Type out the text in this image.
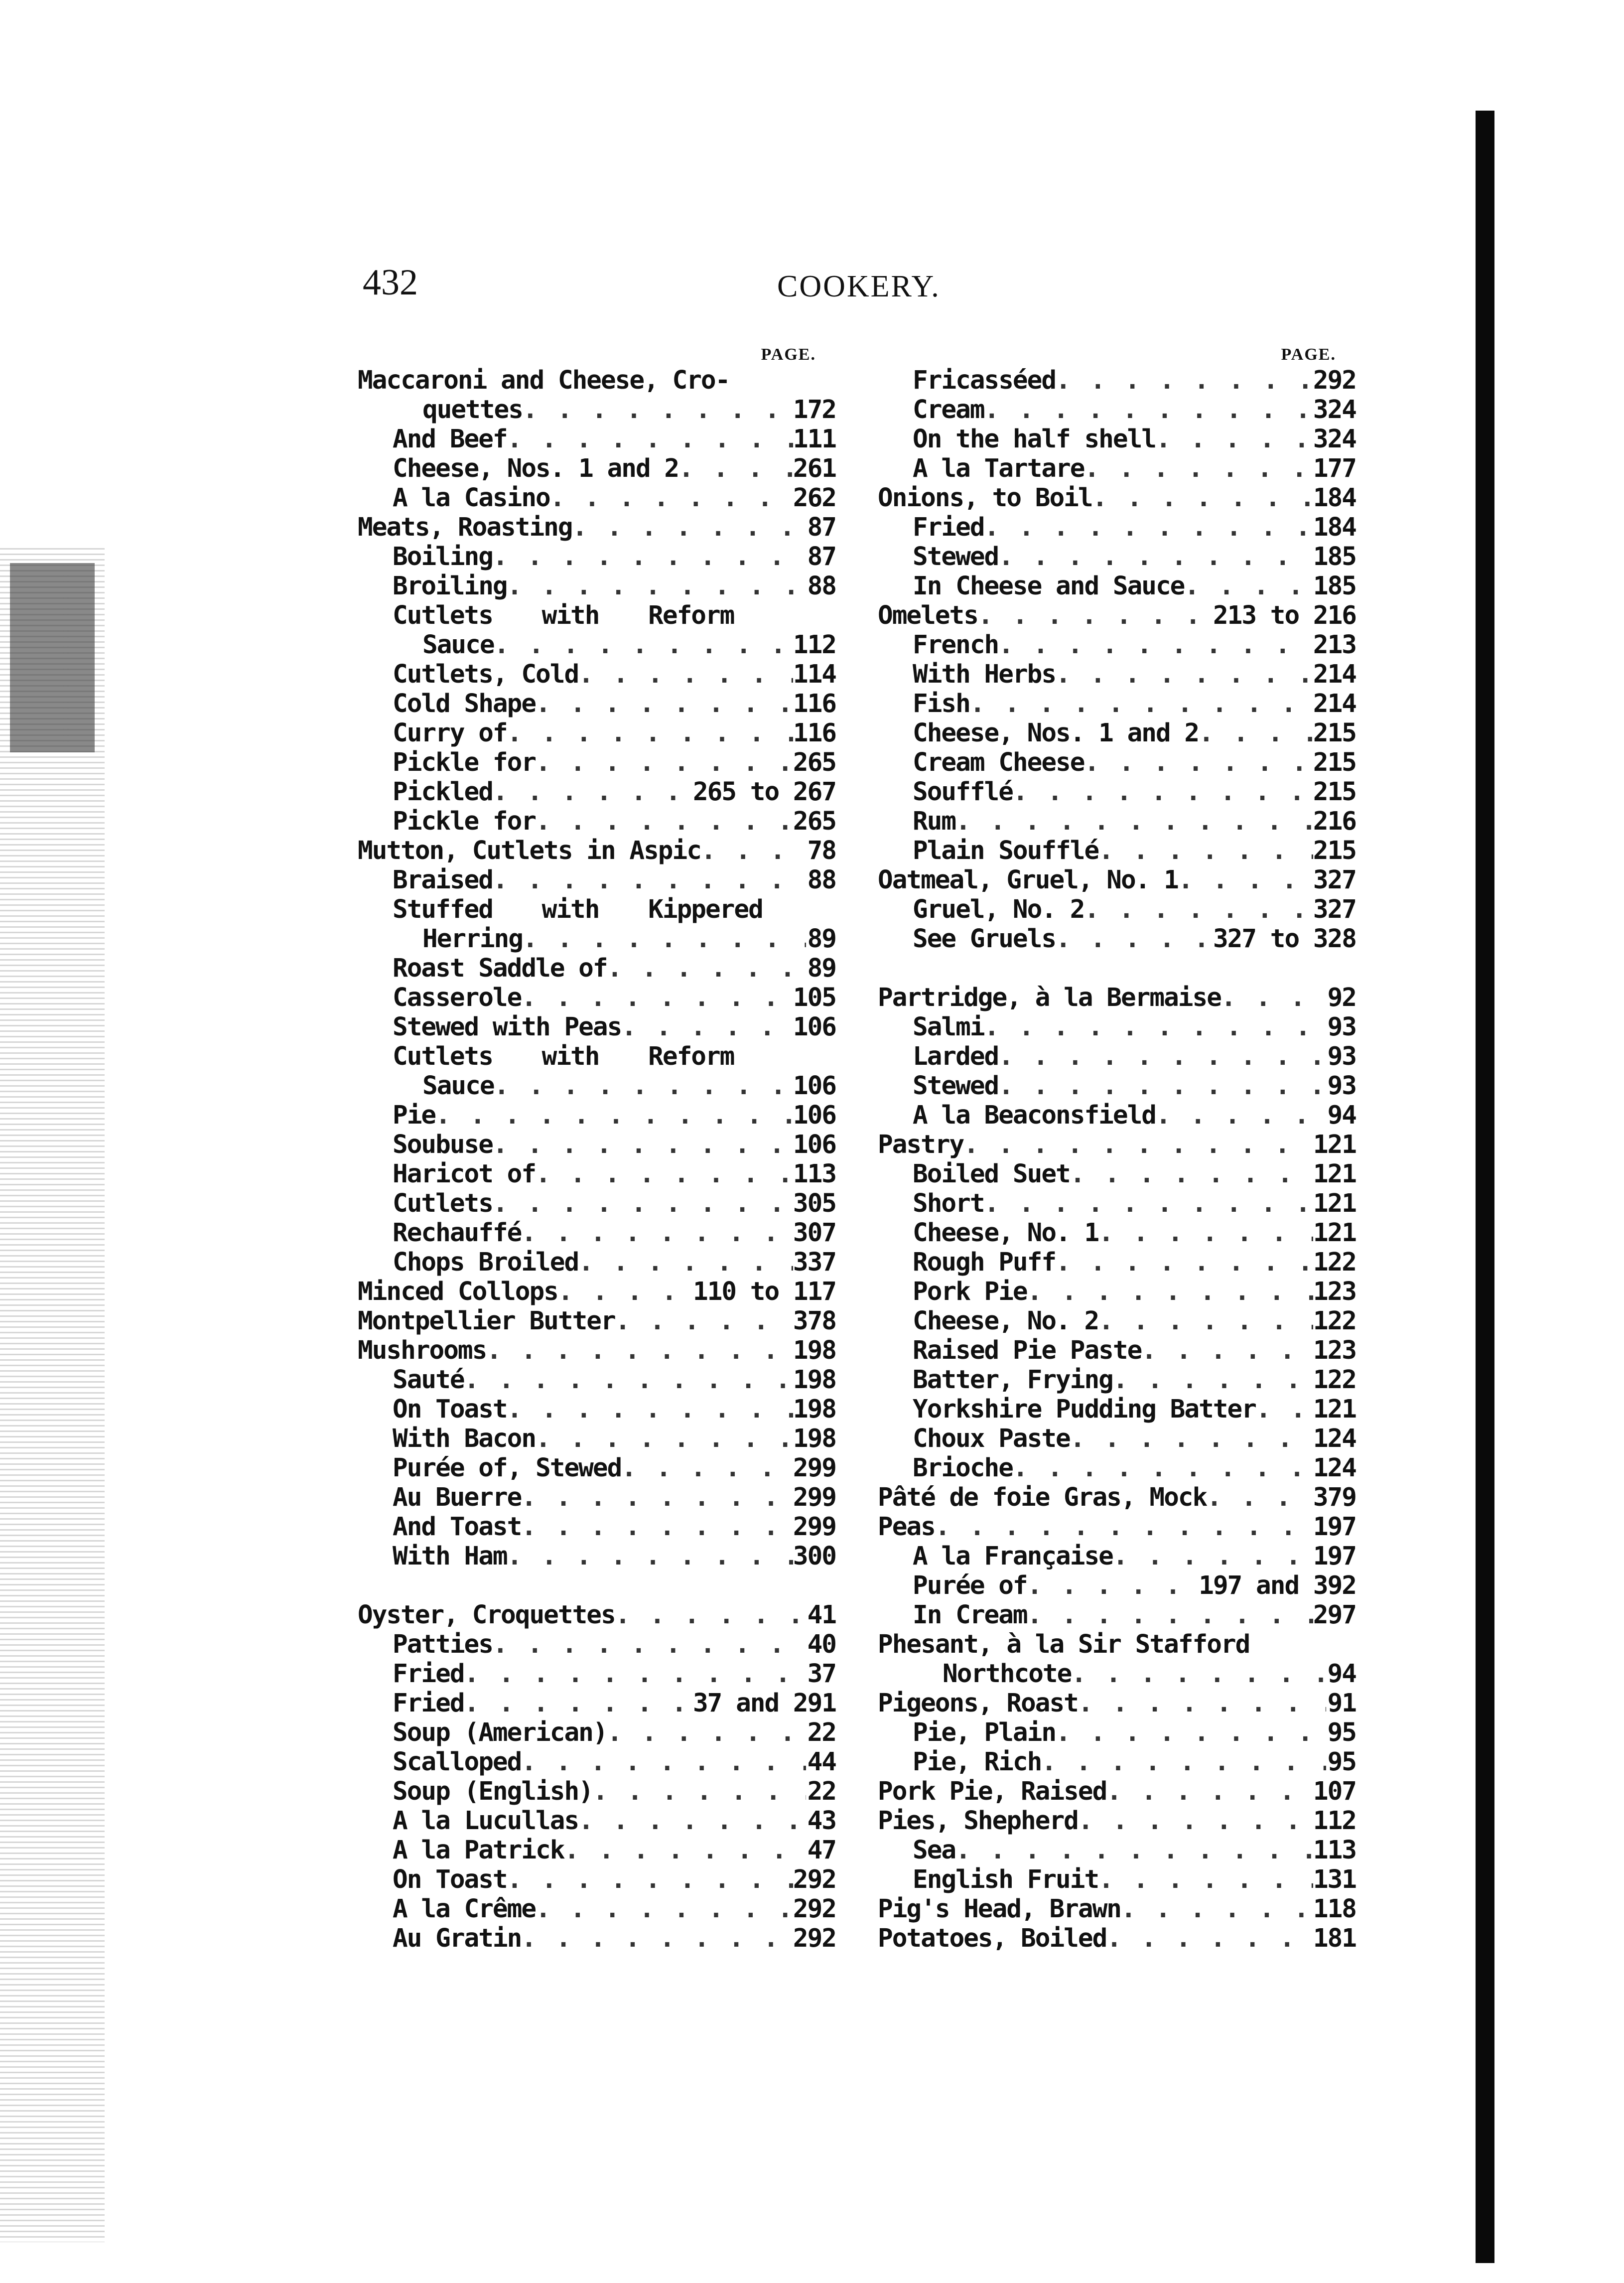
432	COOKERY.
PAGE.
Maccaroni and Cheese, Cro-
quettes . . .	172
And Beef . . .	111
Cheese, Nos. 1 and 2 . . .	261
A la Casino . . .	262
Meats, Roasting . . .	87
Boiling . . .	87
Broiling . . .	88
Cutlets with Reform
Sauce . . .	112
Cutlets, Cold . . .	114
Cold Shape . . .	116
Curry of . . .	116
Pickle for . . .	265
Pickled . . .	265 to 267
Pickle for . . .	265
Mutton, Cutlets in Aspic . . .	78
Braised . . .	88
Stuffed with Kippered
Herring . . .	89
Roast Saddle of . . .	89
Casserole . . .	105
Stewed with Peas . . .	106
Cutlets with Reform
Sauce . . .	106
Pie . . .	106
Soubuse . . .	106
Haricot of . . .	113
Cutlets . . .	305
Rechauffé . . .	307
Chops Broiled . . .	337
Minced Collops . . .	110 to 117
Montpellier Butter . . .	378
Mushrooms . . .	198
Sauté . . .	198
On Toast . . .	198
With Bacon . . .	198
Purée of, Stewed . . .	299
Au Buerre . . .	299
And Toast . . .	299
With Ham . . .	300
Oyster, Croquettes . . .	41
Patties . . .	40
Fried . . .	37
Fried . . .	37 and 291
Soup (American) . . .	22
Scalloped . . .	44
Soup (English) . . .	22
A la Lucullas . . .	43
A la Patrick . . .	47
On Toast . . .	292
A la Crême . . .	292
Au Gratin . . .	292
PAGE.
Fricasséed . . .	292
Cream . . .	324
On the half shell . . .	324
A la Tartare . . .	177
Onions, to Boil . . .	184
Fried . . .	184
Stewed . . .	185
In Cheese and Sauce . . .	185
Omelets . . .	213 to 216
French . . .	213
With Herbs . . .	214
Fish . . .	214
Cheese, Nos. 1 and 2 . . .	215
Cream Cheese . . .	215
Soufflé . . .	215
Rum . . .	216
Plain Soufflé . . .	215
Oatmeal, Gruel, No. 1 . . .	327
Gruel, No. 2 . . .	327
See Gruels . . .	327 to 328
Partridge, à la Bermaise . . .	92
Salmi . . .	93
Larded . . .	93
Stewed . . .	93
A la Beaconsfield . . .	94
Pastry . . .	121
Boiled Suet . . .	121
Short . . .	121
Cheese, No. 1 . . .	121
Rough Puff . . .	122
Pork Pie . . .	123
Cheese, No. 2 . . .	122
Raised Pie Paste . . .	123
Batter, Frying . . .	122
Yorkshire Pudding Batter . . . 121
Choux Paste . . .	124
Brioche . . .	124
Pâté de foie Gras, Mock . . .	379
Peas . . .	197
A la Française . . .	197
Purée of . . .	197 and 392
In Cream . . .	297
Phesant, à la Sir Stafford
Northcote . . .	94
Pigeons, Roast . . .	91
Pie, Plain . . .	95
Pie, Rich . . .	95
Pork Pie, Raised . . .	107
Pies, Shepherd . . .	112
Sea . . .	113
English Fruit . . .	131
Pig's Head, Brawn . . .	118
Potatoes, Boiled . . .	181
